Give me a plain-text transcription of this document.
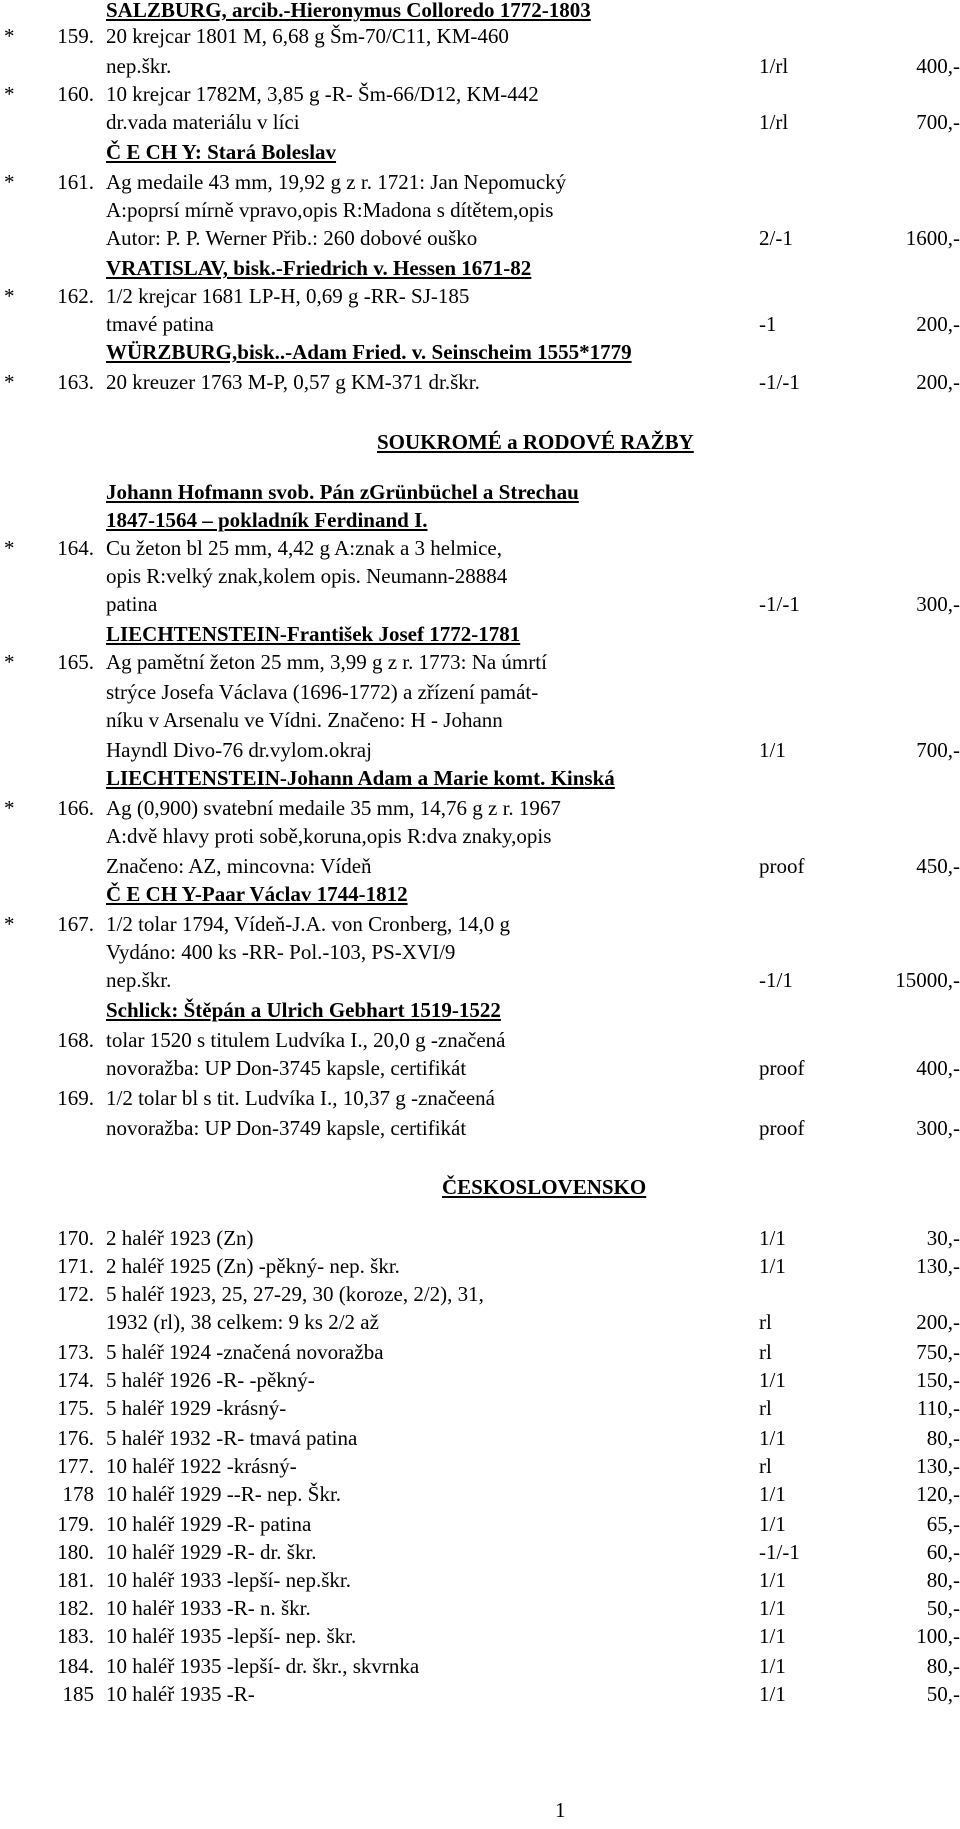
SALZBURG, arcib.-Hieronymus Colloredo 1772-1803
* 159. 20 krejcar 1801 M, 6,68 g Šm-70/C11, KM-460
nep.škr.	1/rl	400,-
* 160. 10 krejcar 1782M, 3,85 g -R- Šm-66/D12, KM-442
dr.vada materiálu v líci	1/rl	700,-
Č E CH Y: Stará Boleslav
* 161. Ag medaile 43 mm, 19,92 g z r. 1721: Jan Nepomucký
A:poprsí mírně vpravo,opis R:Madona s dítětem,opis
Autor: P. P. Werner Přib.: 260 dobové ouško	2/-1	1600,-
VRATISLAV, bisk.-Friedrich v. Hessen 1671-82
* 162. 1/2 krejcar 1681 LP-H, 0,69 g -RR- SJ-185
tmavé patina	-1	200,-
WÜRZBURG,bisk..-Adam Fried. v. Seinscheim 1555*1779
* 163. 20 kreuzer 1763 M-P, 0,57 g KM-371 dr.škr.	-1/-1	200,-
Johann Hofmann svob. Pán zGrünbüchel a Strechau
1847-1564 – pokladník Ferdinand I.
* 164. Cu žeton bl 25 mm, 4,42 g A:znak a 3 helmice,
opis R:velký znak,kolem opis. Neumann-28884
patina	-1/-1	300,-
LIECHTENSTEIN-František Josef 1772-1781
* 165. Ag pamětní žeton 25 mm, 3,99 g z r. 1773: Na úmrtí
strýce Josefa Václava (1696-1772) a zřízení památ-
níku v Arsenalu ve Vídni. Značeno: H - Johann
Hayndl Divo-76 dr.vylom.okraj	1/1	700,-
LIECHTENSTEIN-Johann Adam a Marie komt. Kinská
* 166. Ag (0,900) svatební medaile 35 mm, 14,76 g z r. 1967
A:dvě hlavy proti sobě,koruna,opis R:dva znaky,opis
Značeno: AZ, mincovna: Vídeň	proof	450,-
Č E CH Y-Paar Václav 1744-1812
* 167. 1/2 tolar 1794, Vídeň-J.A. von Cronberg, 14,0 g
Vydáno: 400 ks -RR- Pol.-103, PS-XVI/9
nep.škr.	-1/1	15000,-
Schlick: Štěpán a Ulrich Gebhart 1519-1522
168. tolar 1520 s titulem Ludvíka I., 20,0 g -značená
novoražba: UP Don-3745 kapsle, certifikát	proof	400,-
169. 1/2 tolar bl s tit. Ludvíka I., 10,37 g -značeená
novoražba: UP Don-3749 kapsle, certifikát	proof	300,-
170. 2 haléř 1923 (Zn)	1/1	30,-
171. 2 haléř 1925 (Zn) -pěkný- nep. škr.	1/1	130,-
172. 5 haléř 1923, 25, 27-29, 30 (koroze, 2/2), 31,
1932 (rl), 38 celkem: 9 ks 2/2 až	rl	200,-
173. 5 haléř 1924 -značená novoražba	rl	750,-
174. 5 haléř 1926 -R- -pěkný-	1/1	150,-
175. 5 haléř 1929 -krásný-	rl	110,-
176. 5 haléř 1932 -R- tmavá patina	1/1	80,-
177. 10 haléř 1922 -krásný-	rl	130,-
178 10 haléř 1929 --R- nep. Škr.	1/1	120,-
179. 10 haléř 1929 -R- patina	1/1	65,-
180. 10 haléř 1929 -R- dr. škr.	-1/-1	60,-
181. 10 haléř 1933 -lepší- nep.škr.	1/1	80,-
182. 10 haléř 1933 -R- n. škr.	1/1	50,-
183. 10 haléř 1935 -lepší- nep. škr.	1/1	100,-
184. 10 haléř 1935 -lepší- dr. škr., skvrnka	1/1	80,-
185 10 haléř 1935 -R-	1/1	50,-
SOUKROMÉ a RODOVÉ RAŽBY
ČESKOSLOVENSKO
1
